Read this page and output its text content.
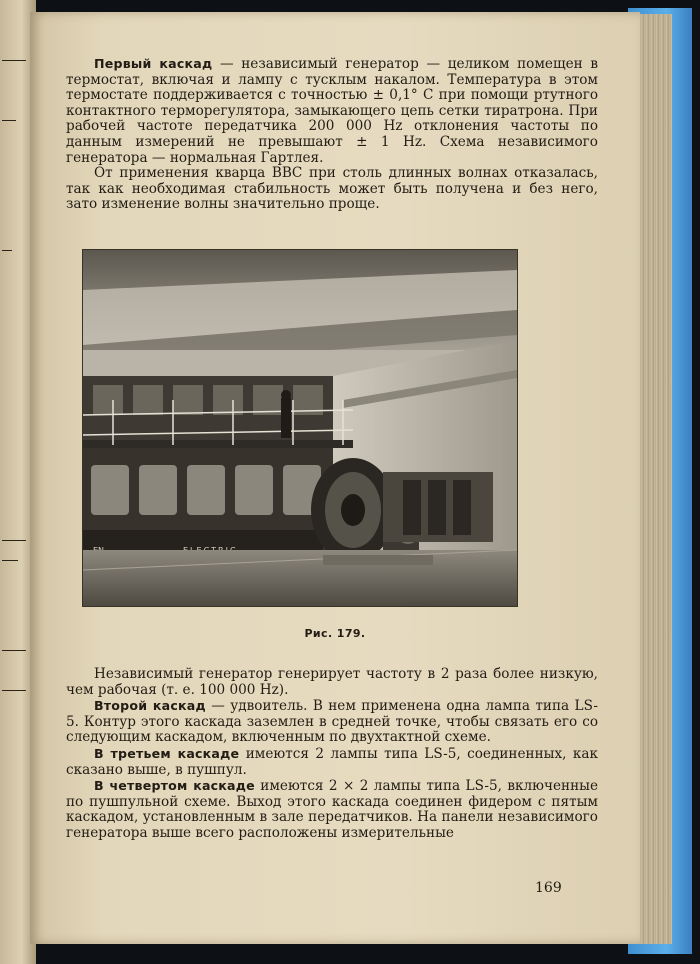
Первый каскад — независимый генератор — целиком помещен в термостат, включая и лампу с тусклым накалом. Температура в этом термостате поддерживается с точностью ± 0,1° С при помощи ртутного контактного терморегулятора, замыкающего цепь сетки тиратрона. При рабочей частоте передатчика 200 000 Hz отклонения частоты по данным измерений не превышают ± 1 Hz. Схема независимого генератора — нормальная Гартлея.

От применения кварца ВВС при столь длинных волнах отказалась, так как необходимая стабильность может быть получена и без него, зато изменение волны значительно проще.

Рис. 179.

Независимый генератор генерирует частоту в 2 раза более низкую, чем рабочая (т. е. 100 000 Hz).

Второй каскад — удвоитель. В нем применена одна лампа типа LS-5. Контур этого каскада заземлен в средней точке, чтобы связать его со следующим каскадом, включенным по двухтактной схеме.

В третьем каскаде имеются 2 лампы типа LS-5, соединенных, как сказано выше, в пушпул.

В четвертом каскаде имеются 2 × 2 лампы типа LS-5, включенные по пушпульной схеме. Выход этого каскада соединен фидером с пятым каскадом, установленным в зале передатчиков. На панели независимого генератора выше всего расположены измерительные

169
